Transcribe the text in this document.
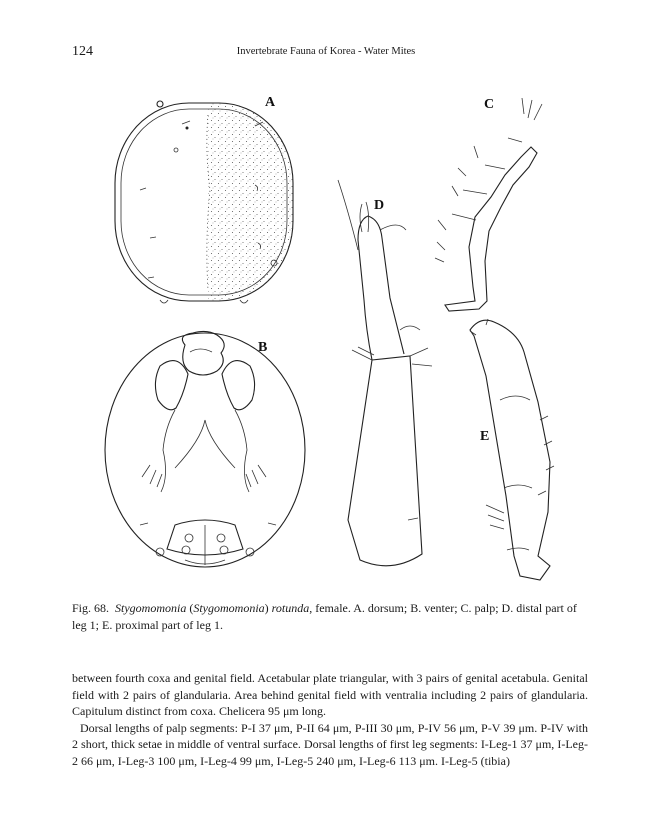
124	Invertebrate Fauna of Korea - Water Mites
A
B
C
D
E

Fig. 68. Stygomomonia (Stygomomonia) rotunda, female. A. dorsum; B. venter; C. palp; D. distal part of leg 1; E. proximal part of leg 1.

between fourth coxa and genital field. Acetabular plate triangular, with 3 pairs of genital acetabula. Genital field with 2 pairs of glandularia. Area behind genital field with ventralia including 2 pairs of glandularia. Capitulum distinct from coxa. Chelicera 95 μm long.

Dorsal lengths of palp segments: P-I 37 μm, P-II 64 μm, P-III 30 μm, P-IV 56 μm, P-V 39 μm. P-IV with 2 short, thick setae in middle of ventral surface. Dorsal lengths of first leg segments: I-Leg-1 37 μm, I-Leg-2 66 μm, I-Leg-3 100 μm, I-Leg-4 99 μm, I-Leg-5 240 μm, I-Leg-6 113 μm. I-Leg-5 (tibia)
